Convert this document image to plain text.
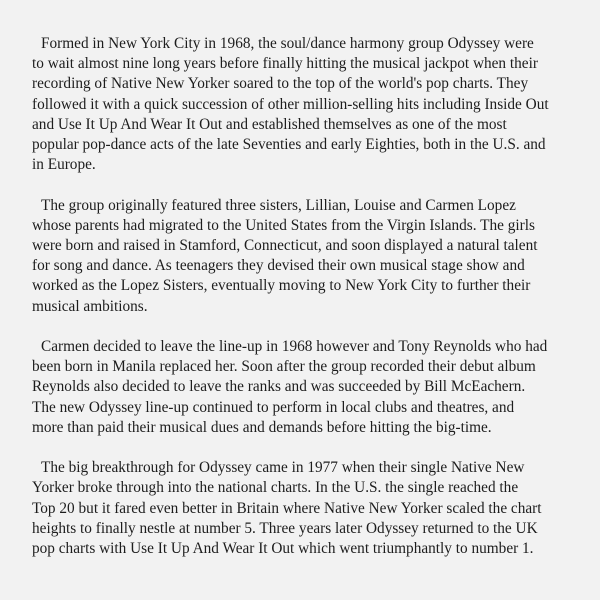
Formed in New York City in 1968, the soul/dance harmony group Odyssey were
to wait almost nine long years before finally hitting the musical jackpot when their
recording of Native New Yorker soared to the top of the world's pop charts. They
followed it with a quick succession of other million-selling hits including Inside Out
and Use It Up And Wear It Out and established themselves as one of the most
popular pop-dance acts of the late Seventies and early Eighties, both in the U.S. and
in Europe.
The group originally featured three sisters, Lillian, Louise and Carmen Lopez
whose parents had migrated to the United States from the Virgin Islands. The girls
were born and raised in Stamford, Connecticut, and soon displayed a natural talent
for song and dance. As teenagers they devised their own musical stage show and
worked as the Lopez Sisters, eventually moving to New York City to further their
musical ambitions.
Carmen decided to leave the line-up in 1968 however and Tony Reynolds who had
been born in Manila replaced her. Soon after the group recorded their debut album
Reynolds also decided to leave the ranks and was succeeded by Bill McEachern.
The new Odyssey line-up continued to perform in local clubs and theatres, and
more than paid their musical dues and demands before hitting the big-time.
The big breakthrough for Odyssey came in 1977 when their single Native New
Yorker broke through into the national charts. In the U.S. the single reached the
Top 20 but it fared even better in Britain where Native New Yorker scaled the chart
heights to finally nestle at number 5. Three years later Odyssey returned to the UK
pop charts with Use It Up And Wear It Out which went triumphantly to number 1.
